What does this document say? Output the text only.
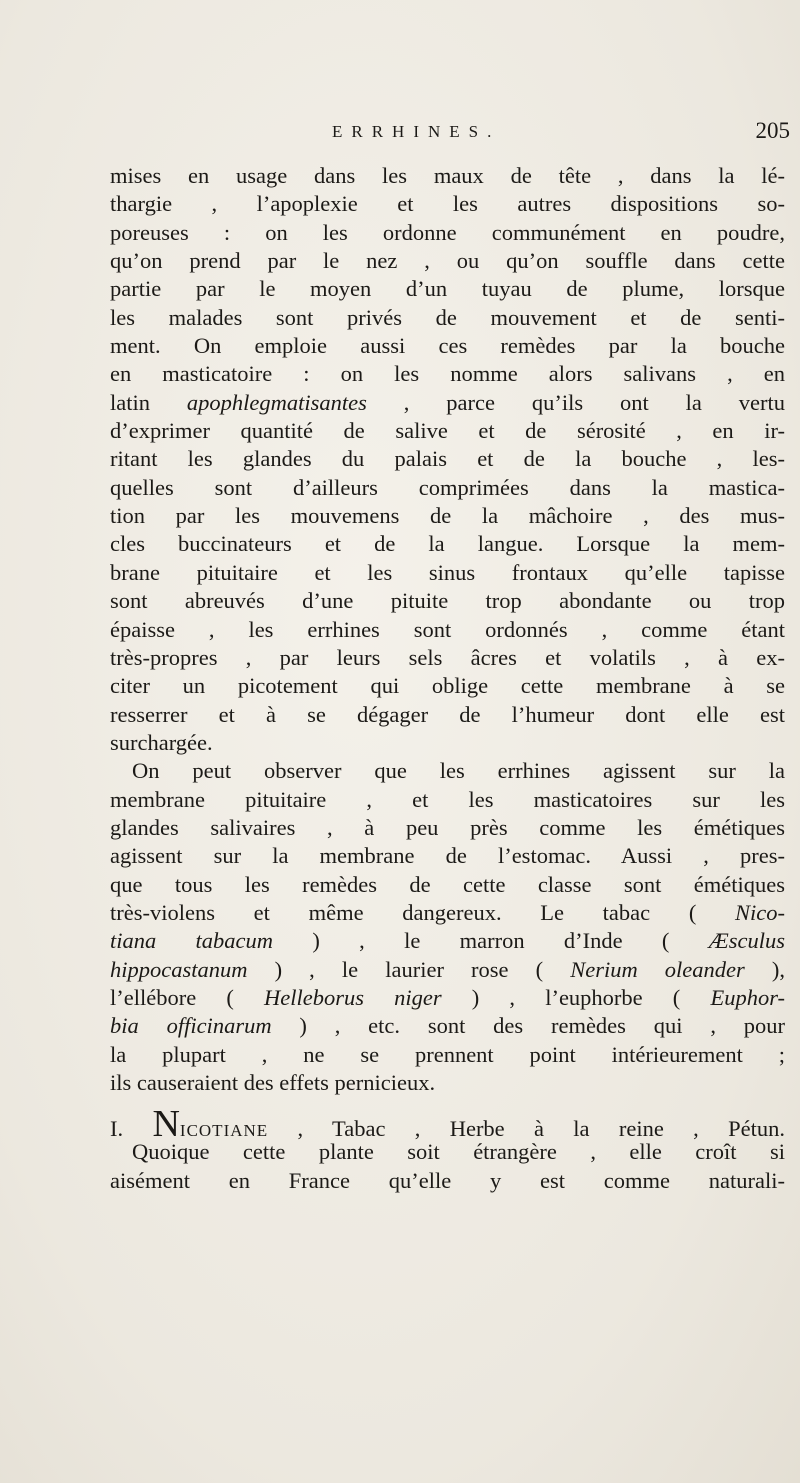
ERRHINES.	205
mises en usage dans les maux de tête , dans la lé-
thargie , l’apoplexie et les autres dispositions so-
poreuses : on les ordonne communément en poudre,
qu’on prend par le nez , ou qu’on souffle dans cette
partie par le moyen d’un tuyau de plume, lorsque
les malades sont privés de mouvement et de senti-
ment. On emploie aussi ces remèdes par la bouche
en masticatoire : on les nomme alors salivans , en
latin apophlegmatisantes , parce qu’ils ont la vertu
d’exprimer quantité de salive et de sérosité , en ir-
ritant les glandes du palais et de la bouche , les-
quelles sont d’ailleurs comprimées dans la mastica-
tion par les mouvemens de la mâchoire , des mus-
cles buccinateurs et de la langue. Lorsque la mem-
brane pituitaire et les sinus frontaux qu’elle tapisse
sont abreuvés d’une pituite trop abondante ou trop
épaisse , les errhines sont ordonnés , comme étant
très-propres , par leurs sels âcres et volatils , à ex-
citer un picotement qui oblige cette membrane à se
resserrer et à se dégager de l’humeur dont elle est
surchargée.
On peut observer que les errhines agissent sur la
membrane pituitaire , et les masticatoires sur les
glandes salivaires , à peu près comme les émétiques
agissent sur la membrane de l’estomac. Aussi , pres-
que tous les remèdes de cette classe sont émétiques
très-violens et même dangereux. Le tabac ( Nico-
tiana tabacum ) , le marron d’Inde ( Æsculus
hippocastanum ) , le laurier rose ( Nerium oleander ),
l’ellébore ( Helleborus niger ) , l’euphorbe ( Euphor-
bia officinarum ) , etc. sont des remèdes qui , pour
la plupart , ne se prennent point intérieurement ;
ils causeraient des effets pernicieux.
I. NICOTIANE , Tabac , Herbe à la reine , Pétun.
Quoique cette plante soit étrangère , elle croît si
aisément en France qu’elle y est comme naturali-
